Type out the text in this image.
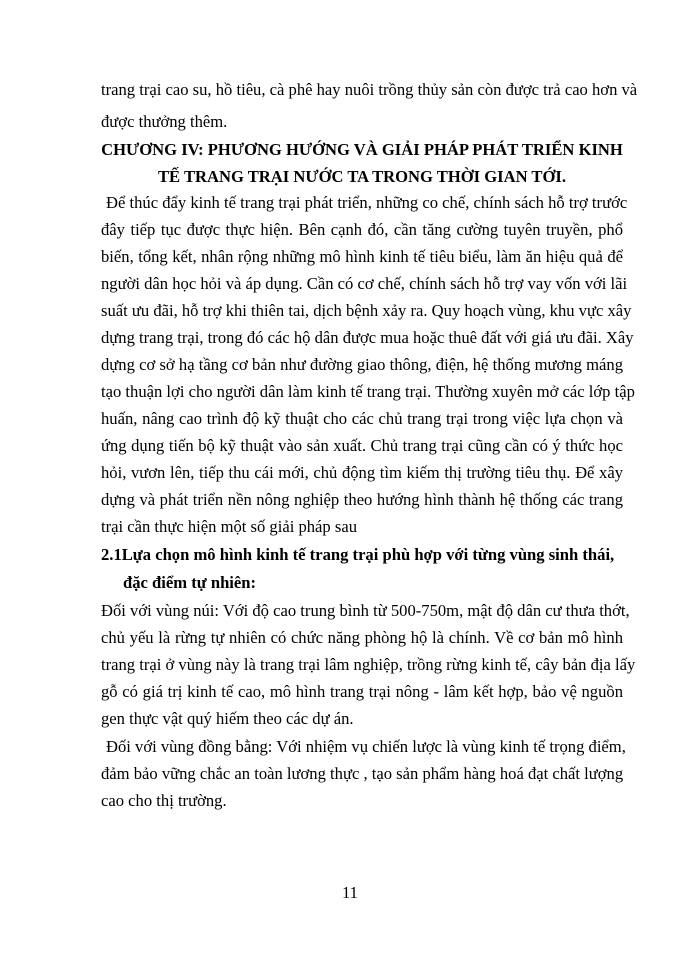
trang trại cao su, hồ tiêu, cà phê hay nuôi trồng thủy sản còn được trả cao hơn và

được thưởng thêm.

CHƯƠNG IV: PHƯƠNG HƯỚNG VÀ GIẢI PHÁP PHÁT TRIỂN KINH

TẾ TRANG TRẠI NƯỚC TA TRONG THỜI GIAN TỚI.

Để thúc đẩy kinh tế trang trại phát triển, những co chế, chính sách hỗ trợ trước

đây tiếp tục được thực hiện. Bên cạnh đó, cần tăng cường tuyên truyền, phổ

biến, tổng kết, nhân rộng những mô hình kinh tế tiêu biểu, làm ăn hiệu quả để

người dân học hỏi và áp dụng. Cần có cơ chế, chính sách hỗ trợ vay vốn với lãi

suất ưu đãi, hỗ trợ khi thiên tai, dịch bệnh xảy ra. Quy hoạch vùng, khu vực xây

dựng trang trại, trong đó các hộ dân được mua hoặc thuê đất với giá ưu đãi. Xây

dựng cơ sở hạ tầng cơ bản như đường giao thông, điện, hệ thống mương máng

tạo thuận lợi cho người dân làm kinh tế trang trại. Thường xuyên mở các lớp tập

huấn, nâng cao trình độ kỹ thuật cho các chủ trang trại trong việc lựa chọn và

ứng dụng tiến bộ kỹ thuật vào sản xuất. Chủ trang trại cũng cần có ý thức học

hỏi, vươn lên, tiếp thu cái mới, chủ động tìm kiếm thị trường tiêu thụ. Để xây

dựng và phát triển nền nông nghiệp theo hướng hình thành hệ thống các trang

trại cần thực hiện một số giải pháp sau

2.1Lựa chọn mô hình kinh tế trang trại phù hợp với từng vùng sinh thái,

đặc điểm tự nhiên:

Đối với vùng núi: Với độ cao trung bình từ 500-750m, mật độ dân cư thưa thớt,

chủ yếu là rừng tự nhiên có chức năng phòng hộ là chính. Về cơ bản mô hình

trang trại ở vùng này là trang trại lâm nghiệp, trồng rừng kinh tế, cây bản địa lấy

gỗ có giá trị kinh tế cao, mô hình trang trại nông - lâm kết hợp, bảo vệ nguồn

gen thực vật quý hiếm theo các dự án.

Đối với vùng đồng bằng: Với nhiệm vụ chiến lược là vùng kinh tế trọng điểm,

đảm bảo vững chắc an toàn lương thực , tạo sản phẩm hàng hoá đạt chất lượng

cao cho thị trường.

11
